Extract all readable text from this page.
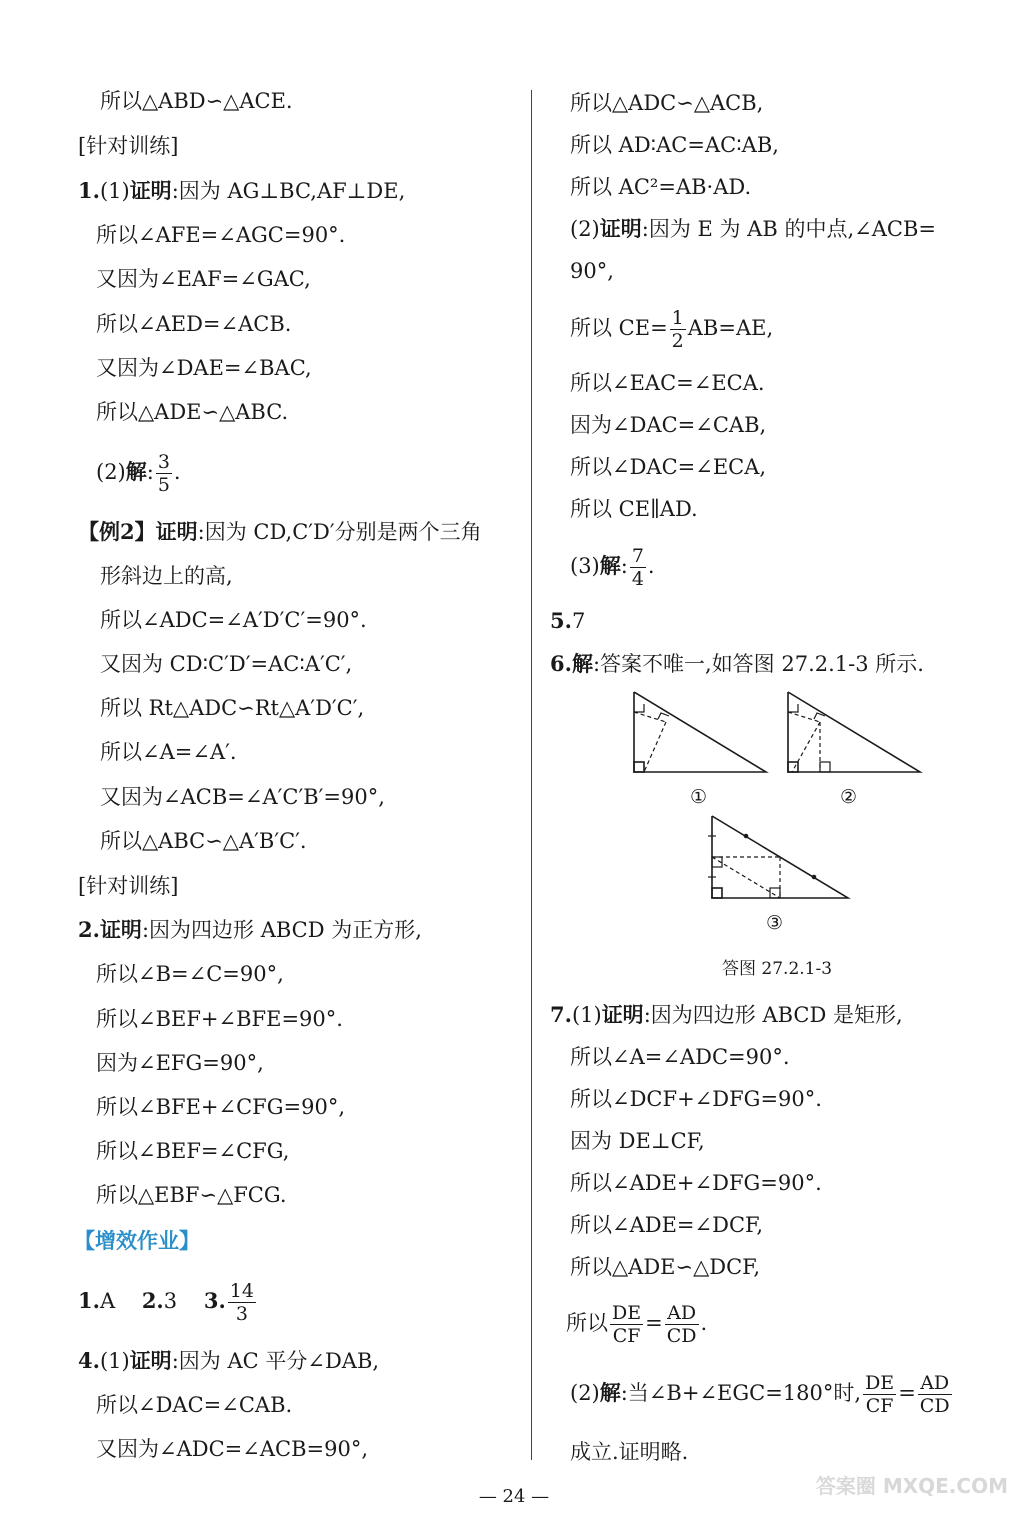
所以△ABD∽△ACE.
[针对训练]
1.(1)证明:因为 AG⊥BC,AF⊥DE,
所以∠AFE=∠AGC=90°.
又因为∠EAF=∠GAC,
所以∠AED=∠ACB.
又因为∠DAE=∠BAC,
所以△ADE∽△ABC.
(2)解: $\frac{3}{5}$ .
【例2】证明:因为 CD,C′D′分别是两个三角
形斜边上的高,
所以∠ADC=∠A′D′C′=90°.
又因为 CD∶C′D′=AC∶A′C′,
所以 Rt△ADC∽Rt△A′D′C′,
所以∠A=∠A′.
又因为∠ACB=∠A′C′B′=90°,
所以△ABC∽△A′B′C′.
[针对训练]
2.证明:因为四边形 ABCD 为正方形,
所以∠B=∠C=90°,
所以∠BEF+∠BFE=90°.
因为∠EFG=90°,
所以∠BFE+∠CFG=90°,
所以∠BEF=∠CFG,
所以△EBF∽△FCG.
【增效作业】
1.A 2.3 3. $\frac{14}{3}$
4.(1)证明:因为 AC 平分∠DAB,
所以∠DAC=∠CAB.
又因为∠ADC=∠ACB=90°,
所以△ADC∽△ACB,
所以 AD∶AC=AC∶AB,
所以 AC²=AB·AD.
(2)证明:因为 E 为 AB 的中点,∠ACB=
90°,
所以 $CE= \frac{1}{2} AB=AE$,
所以∠EAC=∠ECA.
因为∠DAC=∠CAB,
所以∠DAC=∠ECA,
所以 CE∥AD.
(3)解: $\frac{7}{4}$ .
5.7
6.解:答案不唯一,如答图 27.2.1-3 所示.
①	②
③
答图 27.2.1-3
7.(1)证明:因为四边形 ABCD 是矩形,
所以∠A=∠ADC=90°.
所以∠DCF+∠DFG=90°.
因为 DE⊥CF,
所以∠ADE+∠DFG=90°.
所以∠ADE=∠DCF,
所以△ADE∽△DCF,
所以 $\frac{DE}{CF} = \frac{AD}{CD}$ .
(2)解:当∠B+∠EGC=180°时, $\frac{DE}{CF} = \frac{AD}{CD}$
成立.证明略.
— 24 —	答案圈 MXQE.COM
